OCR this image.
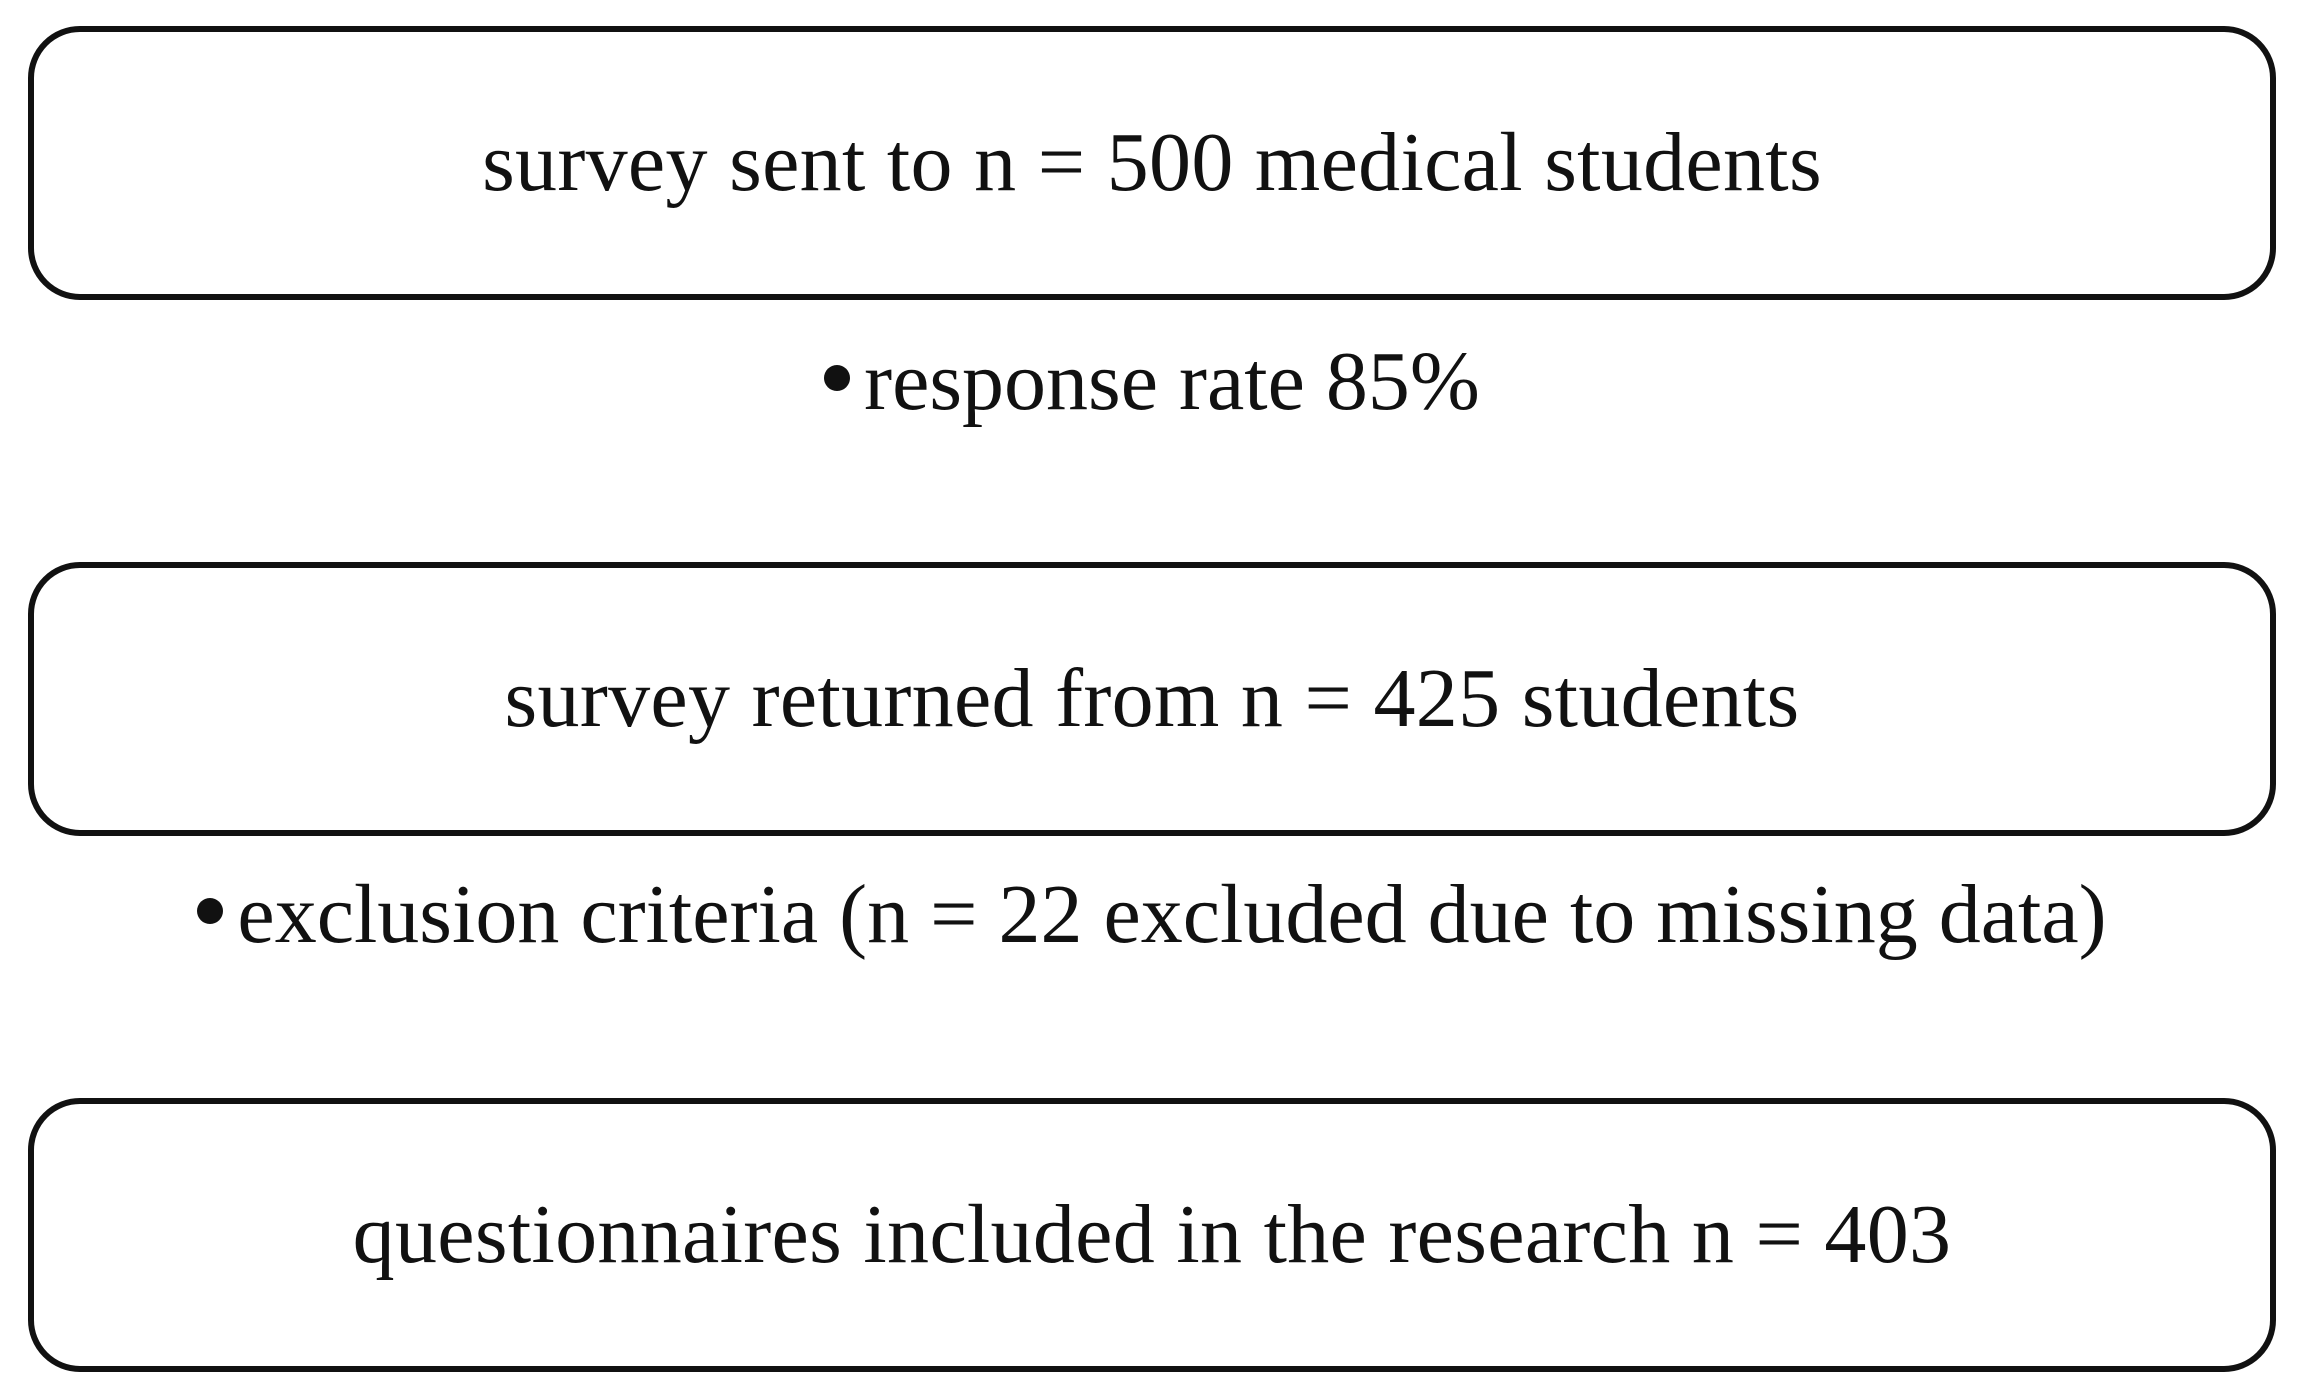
survey sent to n = 500 medical students
response rate 85%
survey returned from n = 425 students
exclusion criteria (n = 22 excluded due to missing data)
questionnaires included in the research n = 403
